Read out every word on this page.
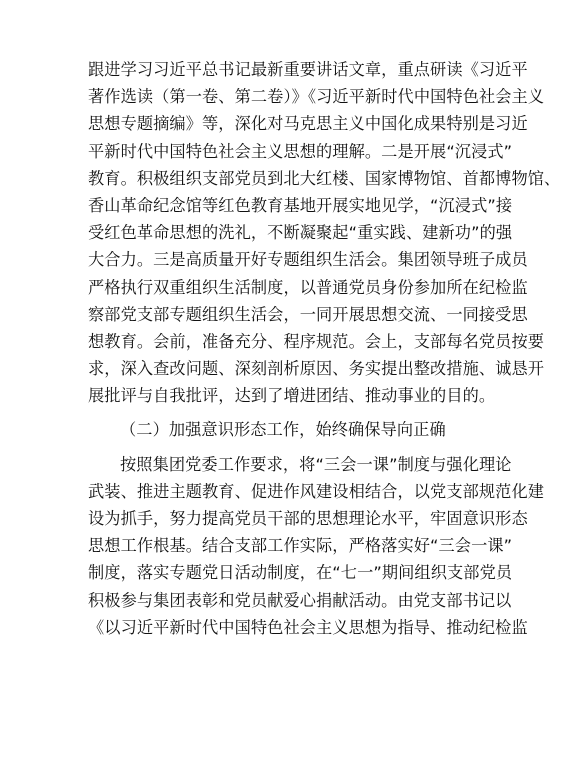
跟进学习习近平总书记最新重要讲话文章，重点研读《习近平
著作选读（第一卷、第二卷）》《习近平新时代中国特色社会主义
思想专题摘编》等，深化对马克思主义中国化成果特别是习近
平新时代中国特色社会主义思想的理解。二是开展“沉浸式”
教育。积极组织支部党员到北大红楼、国家博物馆、首都博物馆、
香山革命纪念馆等红色教育基地开展实地见学，“沉浸式”接
受红色革命思想的洗礼，不断凝聚起“重实践、建新功”的强
大合力。三是高质量开好专题组织生活会。集团领导班子成员
严格执行双重组织生活制度，以普通党员身份参加所在纪检监
察部党支部专题组织生活会，一同开展思想交流、一同接受思
想教育。会前，准备充分、程序规范。会上，支部每名党员按要
求，深入查改问题、深刻剖析原因、务实提出整改措施、诚恳开
展批评与自我批评，达到了增进团结、推动事业的目的。
（二）加强意识形态工作，始终确保导向正确
按照集团党委工作要求，将“三会一课”制度与强化理论
武装、推进主题教育、促进作风建设相结合，以党支部规范化建
设为抓手，努力提高党员干部的思想理论水平，牢固意识形态
思想工作根基。结合支部工作实际，严格落实好“三会一课”
制度，落实专题党日活动制度，在“七一”期间组织支部党员
积极参与集团表彰和党员献爱心捐献活动。由党支部书记以
《以习近平新时代中国特色社会主义思想为指导、推动纪检监
